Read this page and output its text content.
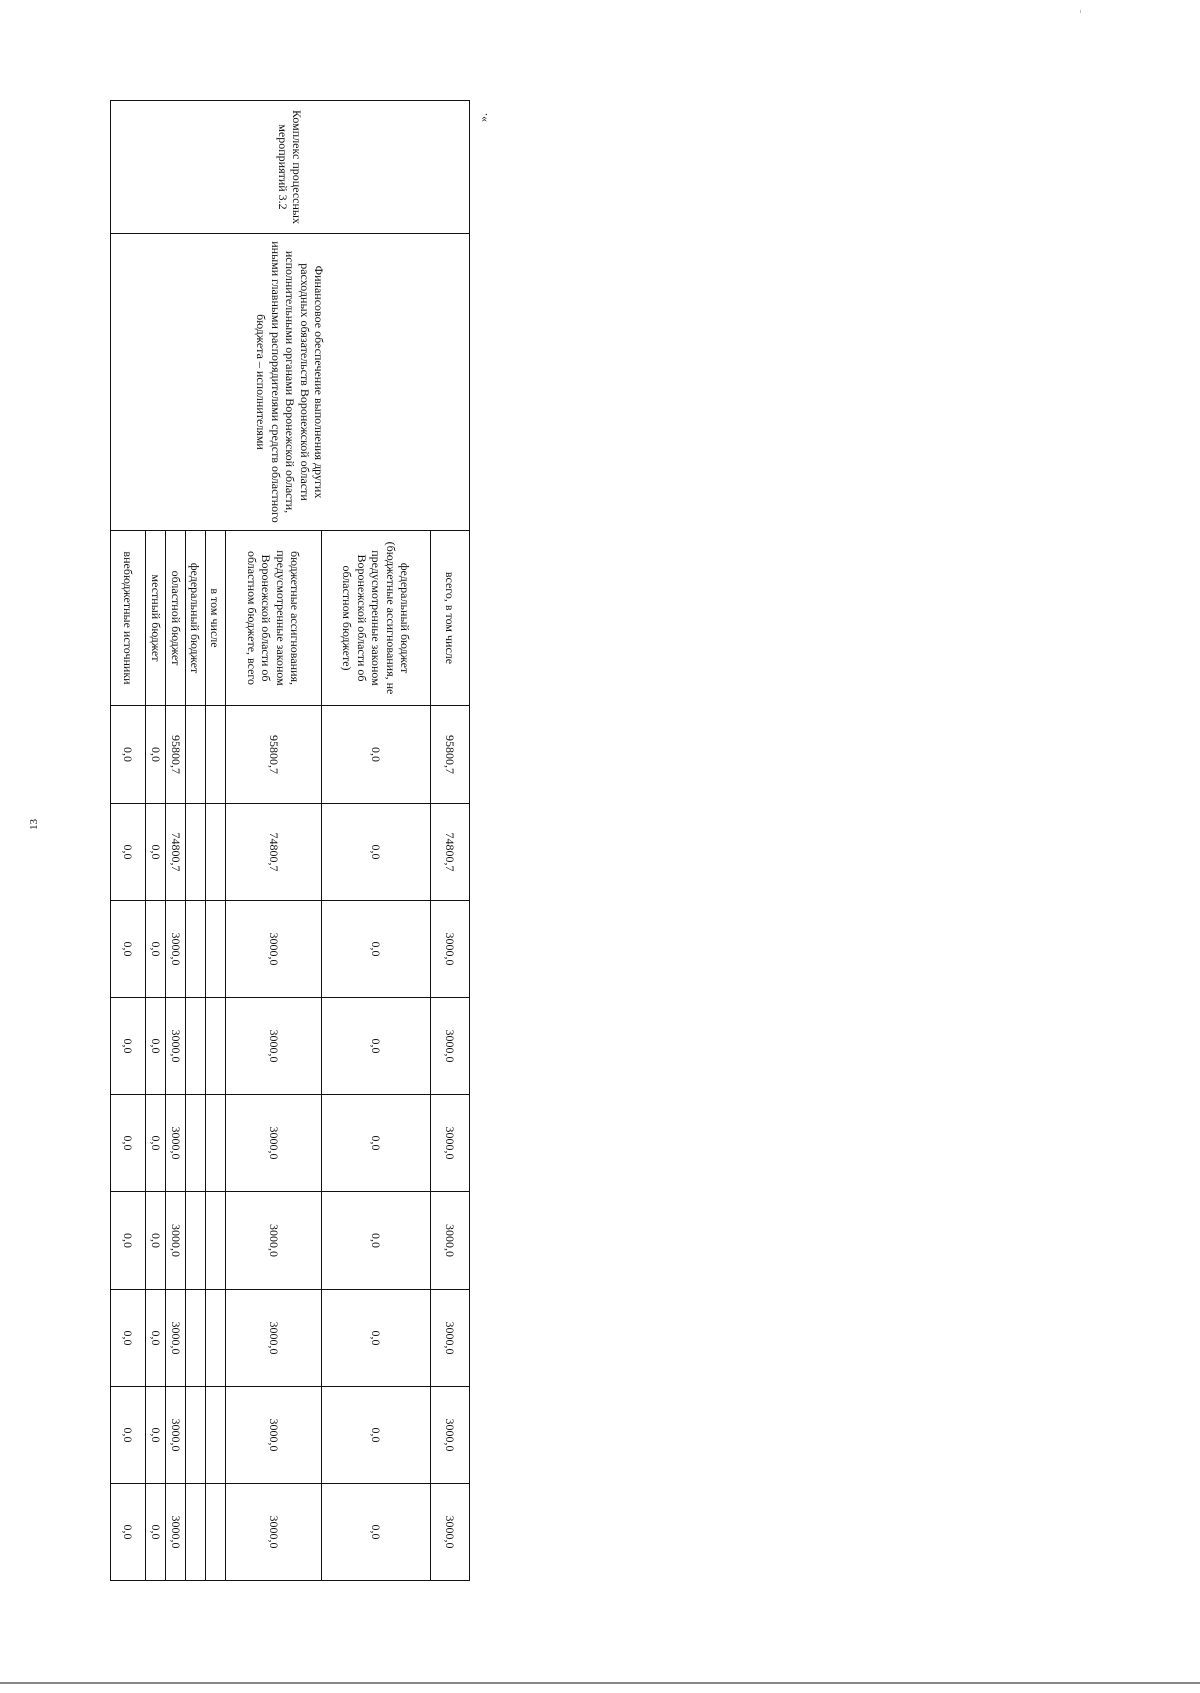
13
».
Комплекс процессных мероприятий 3.2	Финансовое обеспечение выполнения других расходных обязательств Воронежской области исполнительными органами Воронежской области, иными главными распорядителями средств областного бюджета – исполнителями	всего, в том числе	95800,7	74800,7	3000,0	3000,0	3000,0	3000,0	3000,0	3000,0	3000,0
		федеральный бюджет (бюджетные ассигнования, не предусмотренные законом Воронежской области об областном бюджете)	0,0	0,0	0,0	0,0	0,0	0,0	0,0	0,0	0,0
		бюджетные ассигнования, предусмотренные законом Воронежской области об областном бюджете, всего	95800,7	74800,7	3000,0	3000,0	3000,0	3000,0	3000,0	3000,0	3000,0
		в том числе									
		федеральный бюджет									
		областной бюджет	95800,7	74800,7	3000,0	3000,0	3000,0	3000,0	3000,0	3000,0	3000,0
		местный бюджет	0,0	0,0	0,0	0,0	0,0	0,0	0,0	0,0	0,0
		внебюджетные источники	0,0	0,0	0,0	0,0	0,0	0,0	0,0	0,0	0,0
